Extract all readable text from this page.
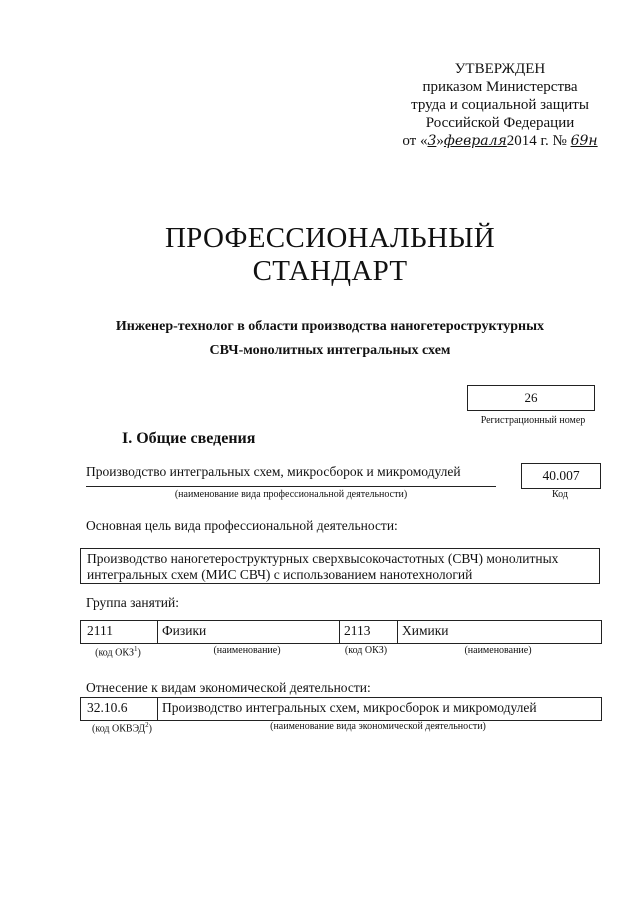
УТВЕРЖДЕН
приказом Министерства
труда и социальной защиты
Российской Федерации
от «3»февраля2014 г. № 69н
ПРОФЕССИОНАЛЬНЫЙ
СТАНДАРТ
Инженер-технолог в области производства наногетероструктурных
СВЧ-монолитных интегральных схем
26
Регистрационный номер
I. Общие сведения
Производство интегральных схем, микросборок и микромодулей
(наименование вида профессиональной деятельности)
40.007
Код
Основная цель вида профессиональной деятельности:
Производство наногетероструктурных сверхвысокочастотных (СВЧ) монолитных
интегральных схем (МИС СВЧ) с использованием нанотехнологий
Группа занятий:
2111	Физики	2113	Химики
(код ОКЗ$^1$)	(наименование)	(код ОКЗ)	(наименование)
Отнесение к видам экономической деятельности:
32.10.6	Производство интегральных схем, микросборок и микромодулей
(код ОКВЭД$^2$)	(наименование вида экономической деятельности)
